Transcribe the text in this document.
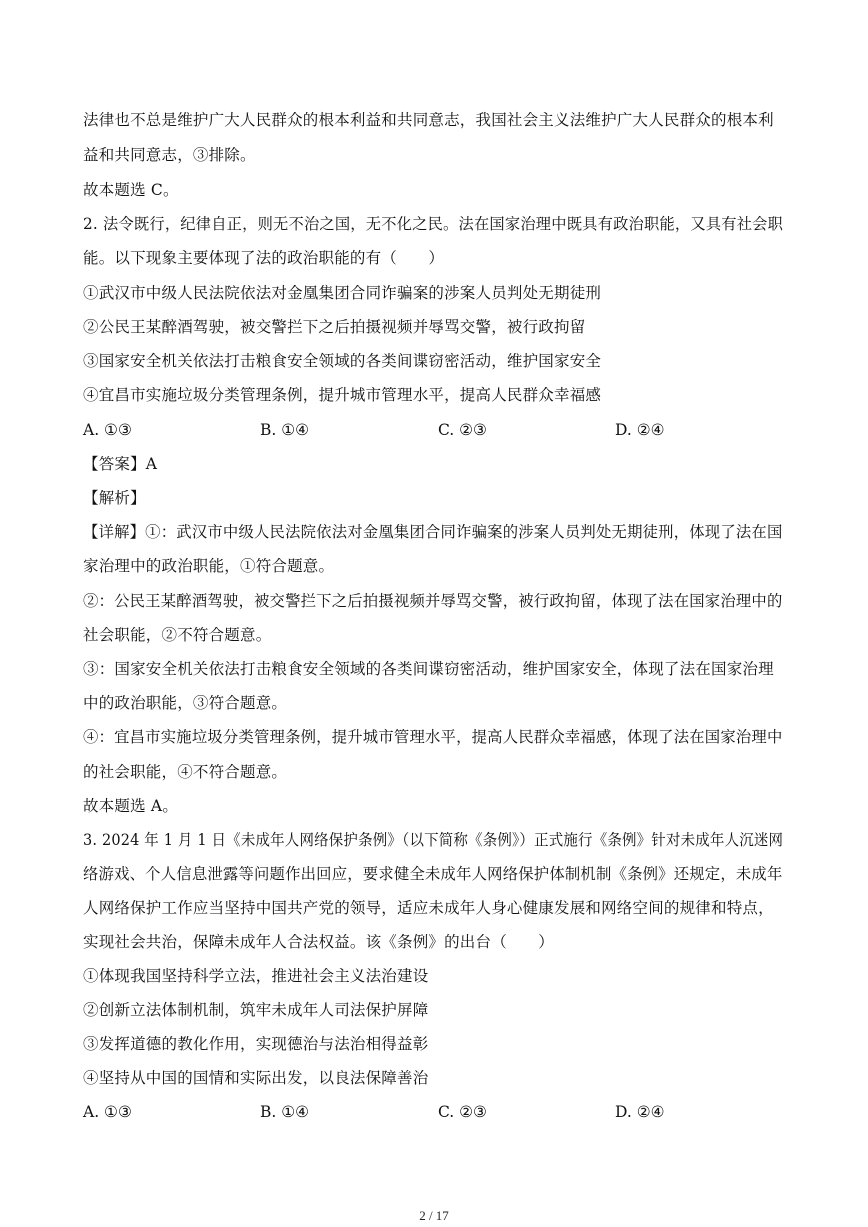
法律也不总是维护广大人民群众的根本利益和共同意志，我国社会主义法维护广大人民群众的根本利
益和共同意志，③排除。
故本题选 C。
2. 法令既行，纪律自正，则无不治之国，无不化之民。法在国家治理中既具有政治职能，又具有社会职
能。以下现象主要体现了法的政治职能的有（　　）
①武汉市中级人民法院依法对金凰集团合同诈骗案的涉案人员判处无期徒刑
②公民王某醉酒驾驶，被交警拦下之后拍摄视频并辱骂交警，被行政拘留
③国家安全机关依法打击粮食安全领域的各类间谍窃密活动，维护国家安全
④宜昌市实施垃圾分类管理条例，提升城市管理水平，提高人民群众幸福感
A. ①③	B. ①④	C. ②③	D. ②④
【答案】A
【解析】
【详解】①：武汉市中级人民法院依法对金凰集团合同诈骗案的涉案人员判处无期徒刑，体现了法在国
家治理中的政治职能，①符合题意。
②：公民王某醉酒驾驶，被交警拦下之后拍摄视频并辱骂交警，被行政拘留，体现了法在国家治理中的
社会职能，②不符合题意。
③：国家安全机关依法打击粮食安全领域的各类间谍窃密活动，维护国家安全，体现了法在国家治理
中的政治职能，③符合题意。
④：宜昌市实施垃圾分类管理条例，提升城市管理水平，提高人民群众幸福感，体现了法在国家治理中
的社会职能，④不符合题意。
故本题选 A。
3. 2024 年 1 月 1 日《未成年人网络保护条例》（以下简称《条例》）正式施行《条例》针对未成年人沉迷网
络游戏、个人信息泄露等问题作出回应，要求健全未成年人网络保护体制机制《条例》还规定，未成年
人网络保护工作应当坚持中国共产党的领导，适应未成年人身心健康发展和网络空间的规律和特点，
实现社会共治，保障未成年人合法权益。该《条例》的出台（　　）
①体现我国坚持科学立法，推进社会主义法治建设
②创新立法体制机制，筑牢未成年人司法保护屏障
③发挥道德的教化作用，实现德治与法治相得益彰
④坚持从中国的国情和实际出发，以良法保障善治
A. ①③	B. ①④	C. ②③	D. ②④
2 / 17
